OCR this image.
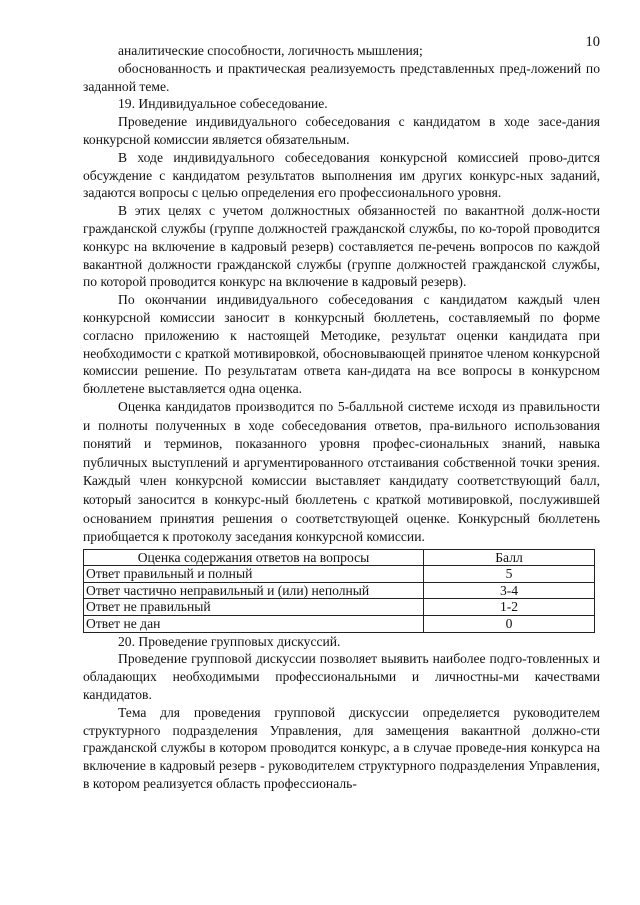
10

аналитические способности, логичность мышления;

обоснованность и практическая реализуемость представленных пред-ложений по заданной теме.

19. Индивидуальное собеседование.

Проведение индивидуального собеседования с кандидатом в ходе засе-дания конкурсной комиссии является обязательным.

В ходе индивидуального собеседования конкурсной комиссией прово-дится обсуждение с кандидатом результатов выполнения им других конкурс-ных заданий, задаются вопросы с целью определения его профессионального уровня.

В этих целях с учетом должностных обязанностей по вакантной долж-ности гражданской службы (группе должностей гражданской службы, по ко-торой проводится конкурс на включение в кадровый резерв) составляется пе-речень вопросов по каждой вакантной должности гражданской службы (группе должностей гражданской службы, по которой проводится конкурс на включение в кадровый резерв).

По окончании индивидуального собеседования с кандидатом каждый член конкурсной комиссии заносит в конкурсный бюллетень, составляемый по форме согласно приложению к настоящей Методике, результат оценки кандидата при необходимости с краткой мотивировкой, обосновывающей принятое членом конкурсной комиссии решение. По результатам ответа кан-дидата на все вопросы в конкурсном бюллетене выставляется одна оценка.

Оценка кандидатов производится по 5-балльной системе исходя из правильности и полноты полученных в ходе собеседования ответов, пра-вильного использования понятий и терминов, показанного уровня профес-сиональных знаний, навыка публичных выступлений и аргументированного отстаивания собственной точки зрения. Каждый член конкурсной комиссии выставляет кандидату соответствующий балл, который заносится в конкурс-ный бюллетень с краткой мотивировкой, послужившей основанием принятия решения о соответствующей оценке. Конкурсный бюллетень приобщается к протоколу заседания конкурсной комиссии.

Оценка содержания ответов на вопросы	Балл
Ответ правильный и полный	5
Ответ частично неправильный и (или) неполный	3-4
Ответ не правильный	1-2
Ответ не дан	0

20. Проведение групповых дискуссий.

Проведение групповой дискуссии позволяет выявить наиболее подго-товленных и обладающих необходимыми профессиональными и личностны-ми качествами кандидатов.

Тема для проведения групповой дискуссии определяется руководителем структурного подразделения Управления, для замещения вакантной должно-сти гражданской службы в котором проводится конкурс, а в случае проведе-ния конкурса на включение в кадровый резерв - руководителем структурного подразделения Управления, в котором реализуется область профессиональ-
